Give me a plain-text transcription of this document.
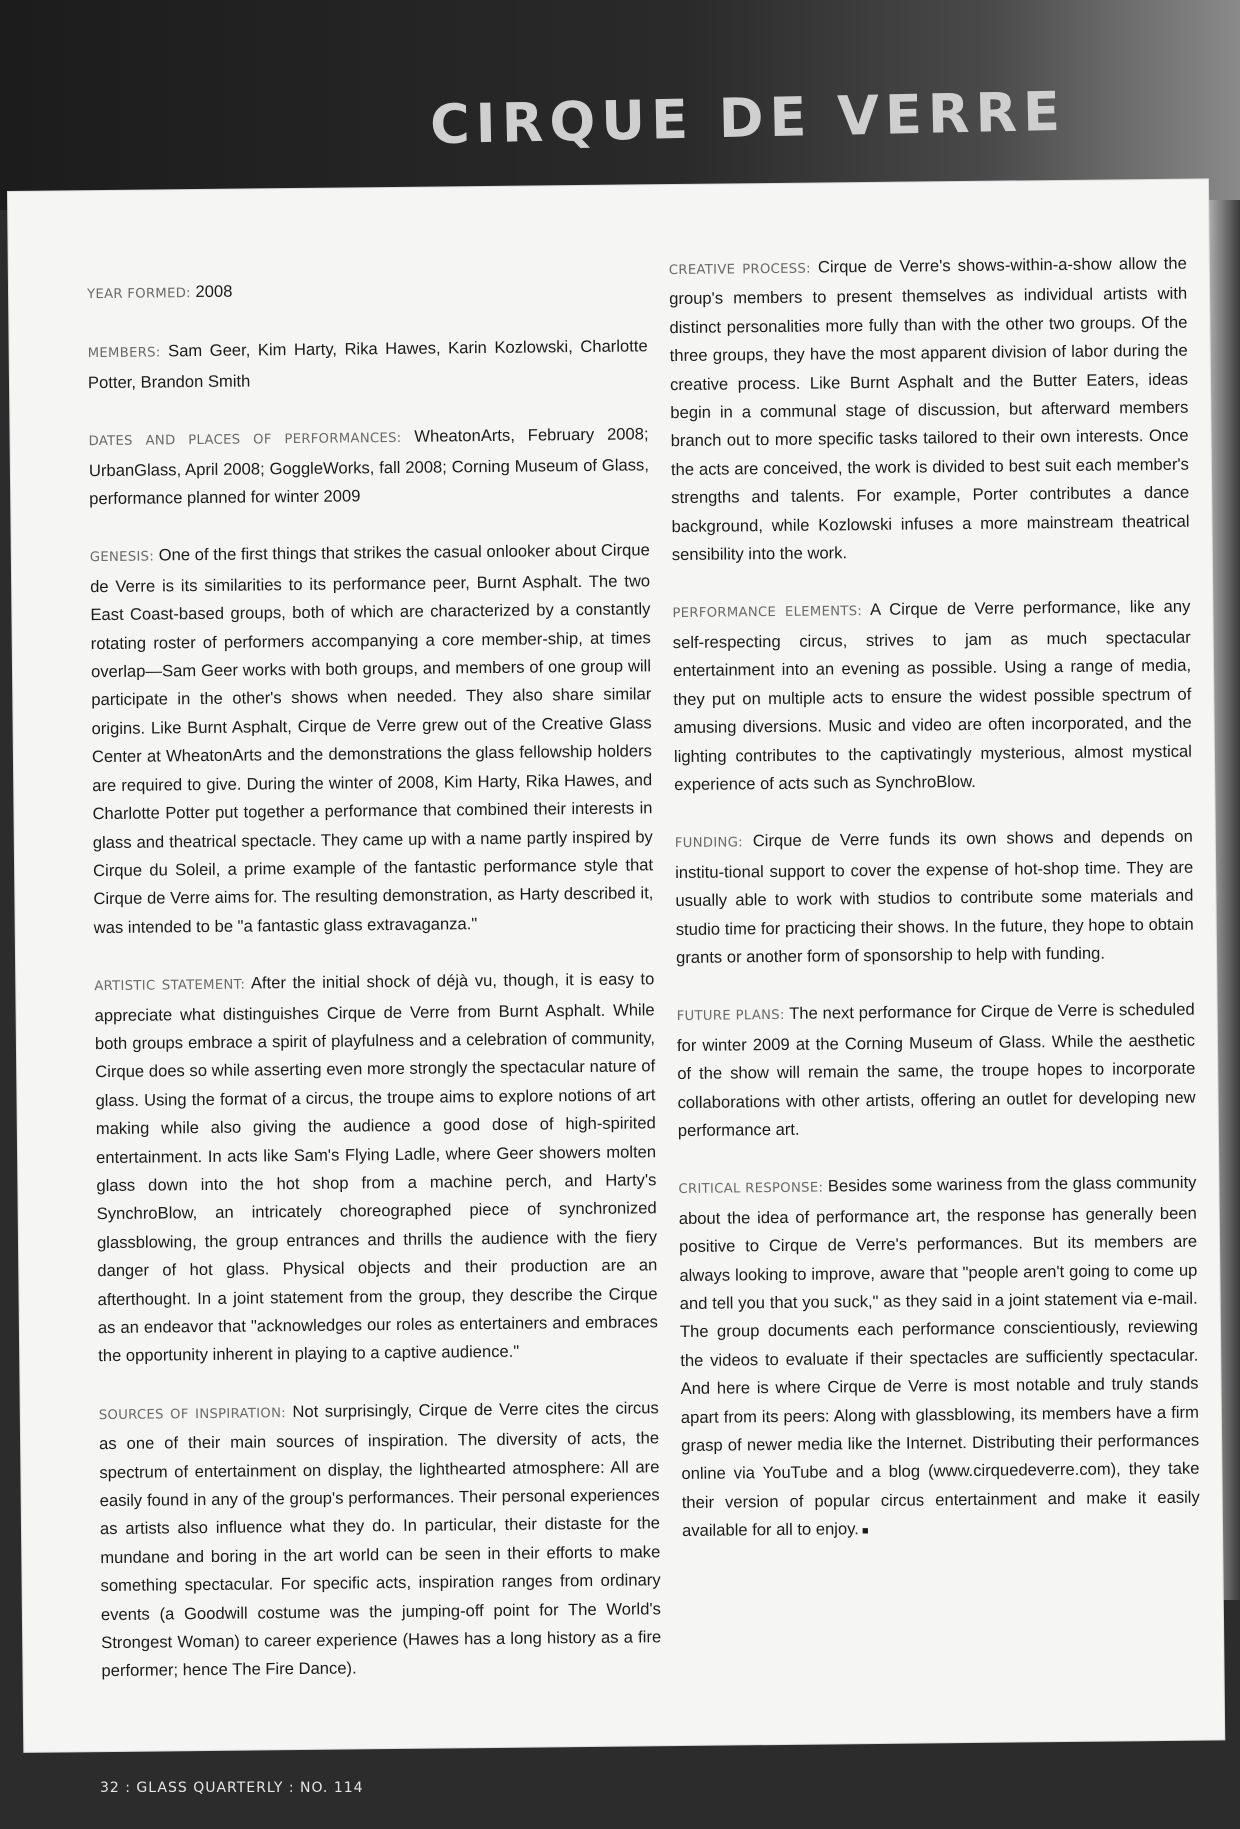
CIRQUE DE VERRE

YEAR FORMED: 2008

MEMBERS: Sam Geer, Kim Harty, Rika Hawes, Karin Kozlowski, Charlotte Potter, Brandon Smith

DATES AND PLACES OF PERFORMANCES: WheatonArts, February 2008; UrbanGlass, April 2008; GoggleWorks, fall 2008; Corning Museum of Glass, performance planned for winter 2009

GENESIS: One of the first things that strikes the casual onlooker about Cirque de Verre is its similarities to its performance peer, Burnt Asphalt. The two East Coast-based groups, both of which are characterized by a constantly rotating roster of performers accompanying a core member-ship, at times overlap—Sam Geer works with both groups, and members of one group will participate in the other's shows when needed. They also share similar origins. Like Burnt Asphalt, Cirque de Verre grew out of the Creative Glass Center at WheatonArts and the demonstrations the glass fellowship holders are required to give. During the winter of 2008, Kim Harty, Rika Hawes, and Charlotte Potter put together a performance that combined their interests in glass and theatrical spectacle. They came up with a name partly inspired by Cirque du Soleil, a prime example of the fantastic performance style that Cirque de Verre aims for. The resulting demonstration, as Harty described it, was intended to be "a fantastic glass extravaganza."

ARTISTIC STATEMENT: After the initial shock of déjà vu, though, it is easy to appreciate what distinguishes Cirque de Verre from Burnt Asphalt. While both groups embrace a spirit of playfulness and a celebration of community, Cirque does so while asserting even more strongly the spectacular nature of glass. Using the format of a circus, the troupe aims to explore notions of art making while also giving the audience a good dose of high-spirited entertainment. In acts like Sam's Flying Ladle, where Geer showers molten glass down into the hot shop from a machine perch, and Harty's SynchroBlow, an intricately choreographed piece of synchronized glassblowing, the group entrances and thrills the audience with the fiery danger of hot glass. Physical objects and their production are an afterthought. In a joint statement from the group, they describe the Cirque as an endeavor that "acknowledges our roles as entertainers and embraces the opportunity inherent in playing to a captive audience."

SOURCES OF INSPIRATION: Not surprisingly, Cirque de Verre cites the circus as one of their main sources of inspiration. The diversity of acts, the spectrum of entertainment on display, the lighthearted atmosphere: All are easily found in any of the group's performances. Their personal experiences as artists also influence what they do. In particular, their distaste for the mundane and boring in the art world can be seen in their efforts to make something spectacular. For specific acts, inspiration ranges from ordinary events (a Goodwill costume was the jumping-off point for The World's Strongest Woman) to career experience (Hawes has a long history as a fire performer; hence The Fire Dance).

CREATIVE PROCESS: Cirque de Verre's shows-within-a-show allow the group's members to present themselves as individual artists with distinct personalities more fully than with the other two groups. Of the three groups, they have the most apparent division of labor during the creative process. Like Burnt Asphalt and the Butter Eaters, ideas begin in a communal stage of discussion, but afterward members branch out to more specific tasks tailored to their own interests. Once the acts are conceived, the work is divided to best suit each member's strengths and talents. For example, Porter contributes a dance background, while Kozlowski infuses a more mainstream theatrical sensibility into the work.

PERFORMANCE ELEMENTS: A Cirque de Verre performance, like any self-respecting circus, strives to jam as much spectacular entertainment into an evening as possible. Using a range of media, they put on multiple acts to ensure the widest possible spectrum of amusing diversions. Music and video are often incorporated, and the lighting contributes to the captivatingly mysterious, almost mystical experience of acts such as SynchroBlow.

FUNDING: Cirque de Verre funds its own shows and depends on institu-tional support to cover the expense of hot-shop time. They are usually able to work with studios to contribute some materials and studio time for practicing their shows. In the future, they hope to obtain grants or another form of sponsorship to help with funding.

FUTURE PLANS: The next performance for Cirque de Verre is scheduled for winter 2009 at the Corning Museum of Glass. While the aesthetic of the show will remain the same, the troupe hopes to incorporate collaborations with other artists, offering an outlet for developing new performance art.

CRITICAL RESPONSE: Besides some wariness from the glass community about the idea of performance art, the response has generally been positive to Cirque de Verre's performances. But its members are always looking to improve, aware that "people aren't going to come up and tell you that you suck," as they said in a joint statement via e-mail. The group documents each performance conscientiously, reviewing the videos to evaluate if their spectacles are sufficiently spectacular. And here is where Cirque de Verre is most notable and truly stands apart from its peers: Along with glassblowing, its members have a firm grasp of newer media like the Internet. Distributing their performances online via YouTube and a blog (www.cirquedeverre.com), they take their version of popular circus entertainment and make it easily available for all to enjoy. ■

32 : GLASS QUARTERLY : NO. 114
